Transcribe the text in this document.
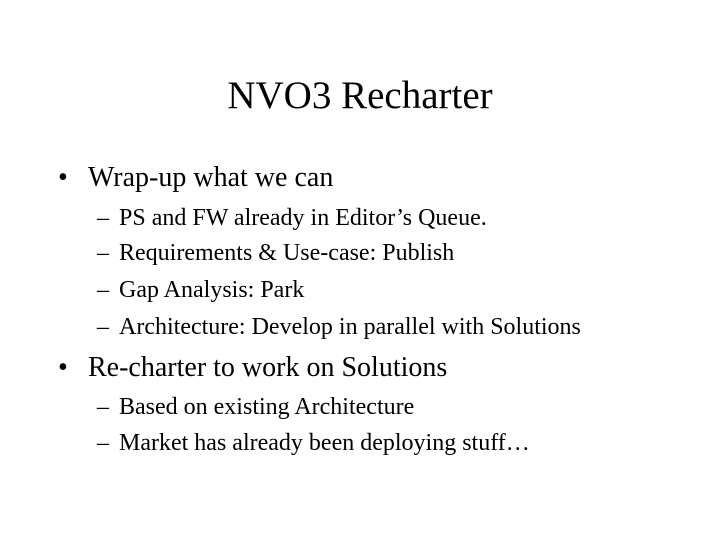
NVO3 Recharter
• Wrap-up what we can
– PS and FW already in Editor’s Queue.
– Requirements & Use-case: Publish
– Gap Analysis: Park
– Architecture: Develop in parallel with Solutions
• Re-charter to work on Solutions
– Based on existing Architecture
– Market has already been deploying stuff…
